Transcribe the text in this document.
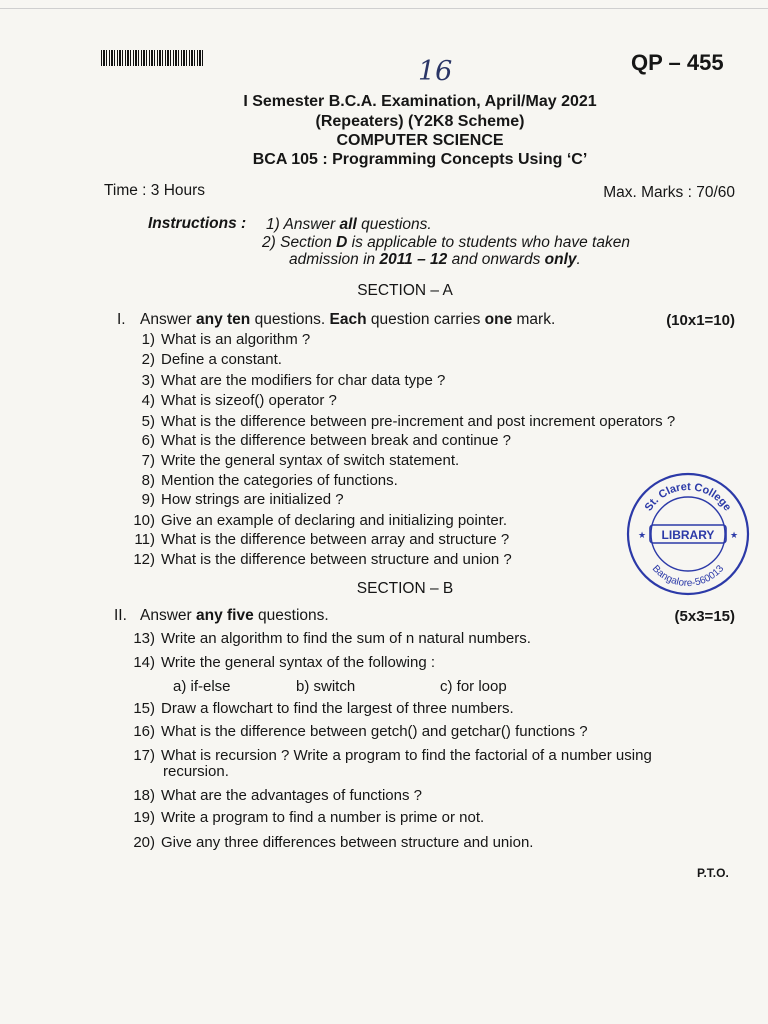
16	QP – 455
I Semester B.C.A. Examination, April/May 2021
(Repeaters) (Y2K8 Scheme)
COMPUTER SCIENCE
BCA 105 : Programming Concepts Using ‘C’
Time : 3 Hours	Max. Marks : 70/60
Instructions : 1) Answer all questions.
2) Section D is applicable to students who have taken
admission in 2011 – 12 and onwards only.
SECTION – A
I. Answer any ten questions. Each question carries one mark.	(10x1=10)
1) What is an algorithm ?
2) Define a constant.
3) What are the modifiers for char data type ?
4) What is sizeof() operator ?
5) What is the difference between pre-increment and post increment operators ?
6) What is the difference between break and continue ?
7) Write the general syntax of switch statement.
8) Mention the categories of functions.
9) How strings are initialized ?
10) Give an example of declaring and initializing pointer.
11) What is the difference between array and structure ?
12) What is the difference between structure and union ?
SECTION – B
II. Answer any five questions.	(5x3=15)
13) Write an algorithm to find the sum of n natural numbers.
14) Write the general syntax of the following :
15) Draw a flowchart to find the largest of three numbers.
16) What is the difference between getch() and getchar() functions ?
17) What is recursion ? Write a program to find the factorial of a number using
18) What are the advantages of functions ?
19) Write a program to find a number is prime or not.
20) Give any three differences between structure and union.
a) if-else	b) switch	c) for loop
recursion.
St. Claret College
LIBRARY
Bangalore-560013
★	★
P.T.O.
